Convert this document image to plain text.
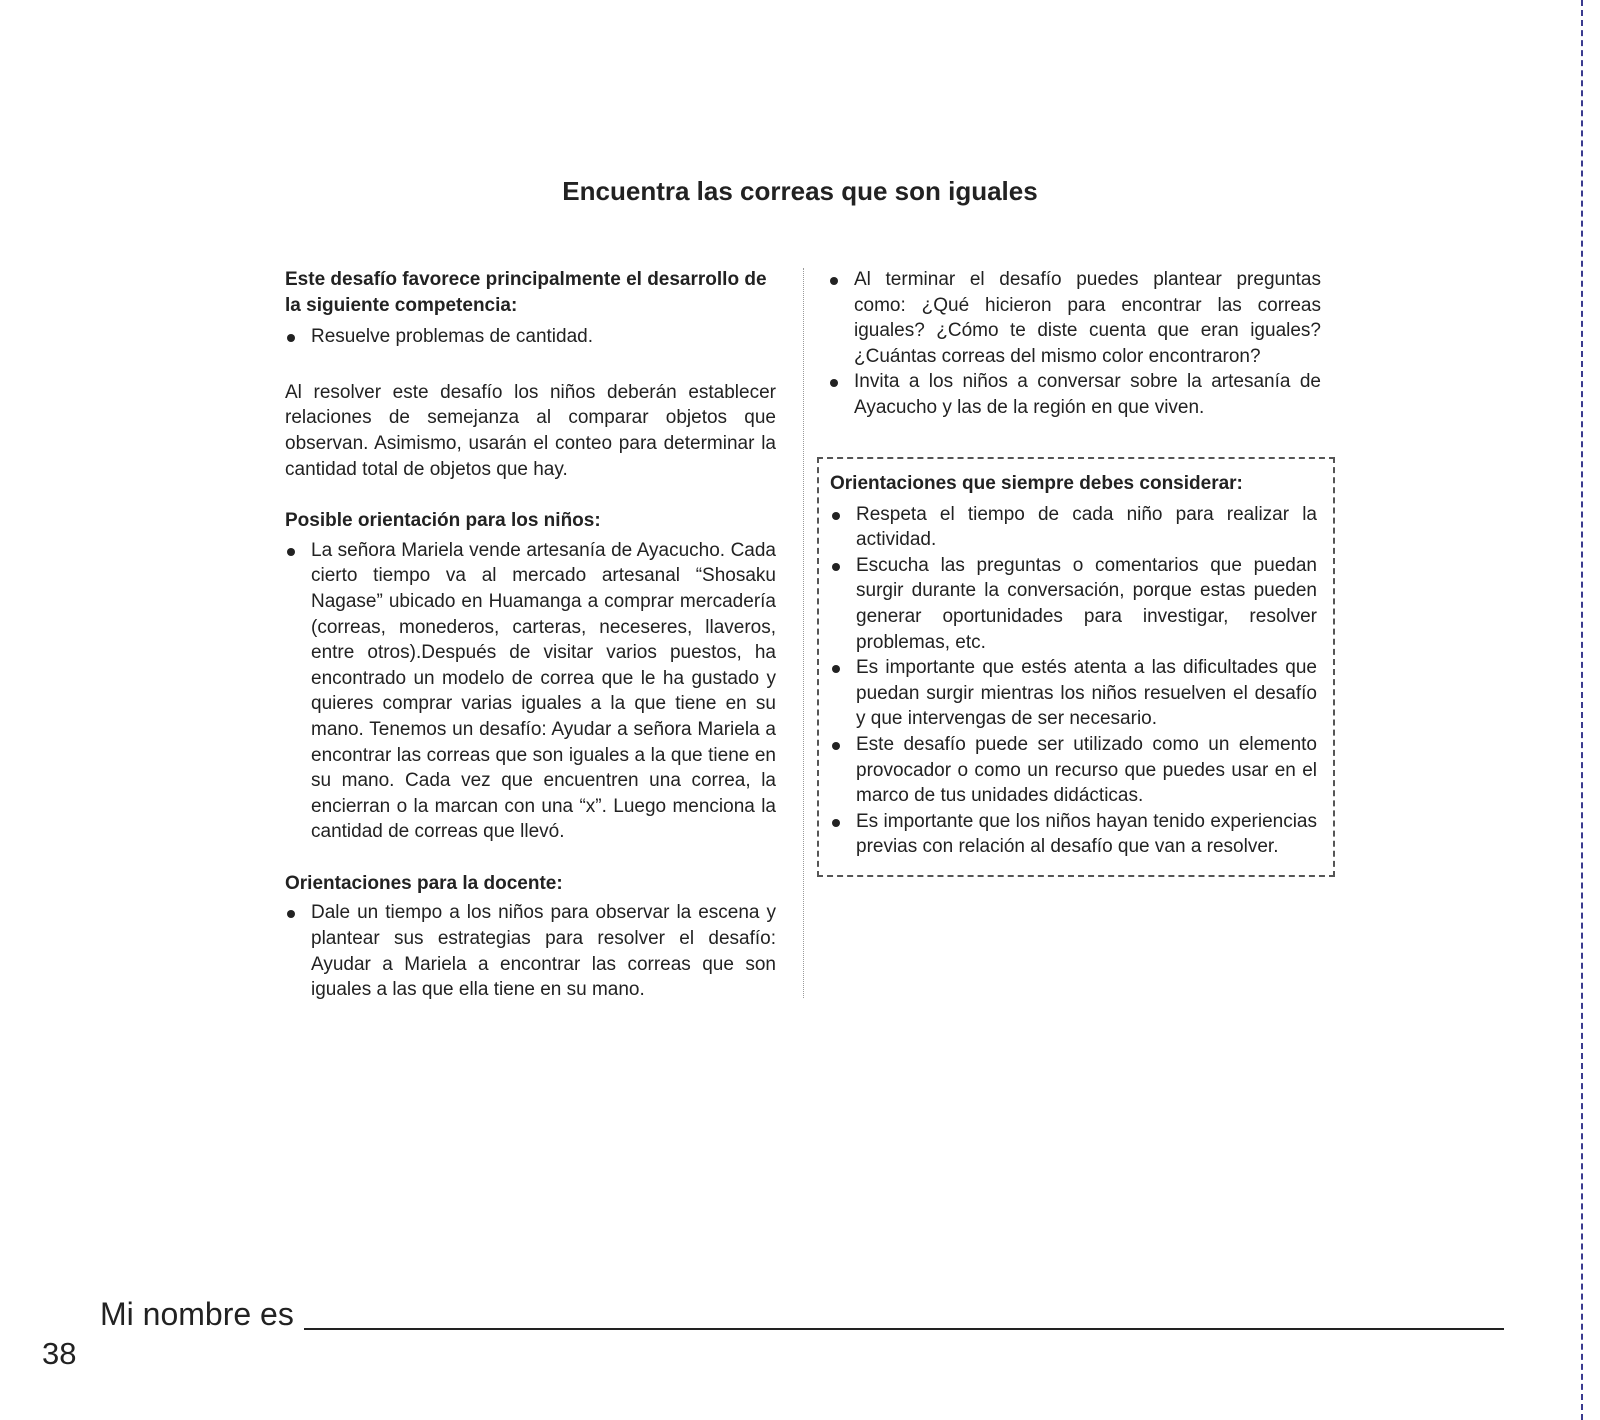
Encuentra las correas que son iguales

Este desafío favorece principalmente el desarrollo de la siguiente competencia:

Resuelve problemas de cantidad.

Al resolver este desafío los niños deberán establecer relaciones de semejanza al comparar objetos que observan. Asimismo, usarán el conteo para determinar la cantidad total de objetos que hay.

Posible orientación para los niños:

La señora Mariela vende artesanía de Ayacucho. Cada cierto tiempo va al mercado artesanal “Shosaku Nagase” ubicado en Huamanga a comprar mercadería (correas, monederos, carteras, neceseres, llaveros, entre otros).Después de visitar varios puestos, ha encontrado un modelo de correa que le ha gustado y quieres comprar varias iguales a la que tiene en su mano. Tenemos un desafío: Ayudar a señora Mariela a encontrar las correas que son iguales a la que tiene en su mano. Cada vez que encuentren una correa, la encierran o la marcan con una “x”. Luego menciona la cantidad de correas que llevó.

Orientaciones para la docente:

Dale un tiempo a los niños para observar la escena y plantear sus estrategias para resolver el desafío: Ayudar a Mariela a encontrar las correas que son iguales a las que ella tiene en su mano.
Al terminar el desafío puedes plantear preguntas como: ¿Qué hicieron para encontrar las correas iguales? ¿Cómo te diste cuenta que eran iguales? ¿Cuántas correas del mismo color encontraron?
Invita a los niños a conversar sobre la artesanía de Ayacucho y las de la región en que viven.

Orientaciones que siempre debes considerar:

Respeta el tiempo de cada niño para realizar la actividad.
Escucha las preguntas o comentarios que puedan surgir durante la conversación, porque estas pueden generar oportunidades para investigar, resolver problemas, etc.
Es importante que estés atenta a las dificultades que puedan surgir mientras los niños resuelven el desafío y que intervengas de ser necesario.
Este desafío puede ser utilizado como un elemento provocador o como un recurso que puedes usar en el marco de tus unidades didácticas.
Es importante que los niños hayan tenido experiencias previas con relación al desafío que van a resolver.
Mi nombre es
38
